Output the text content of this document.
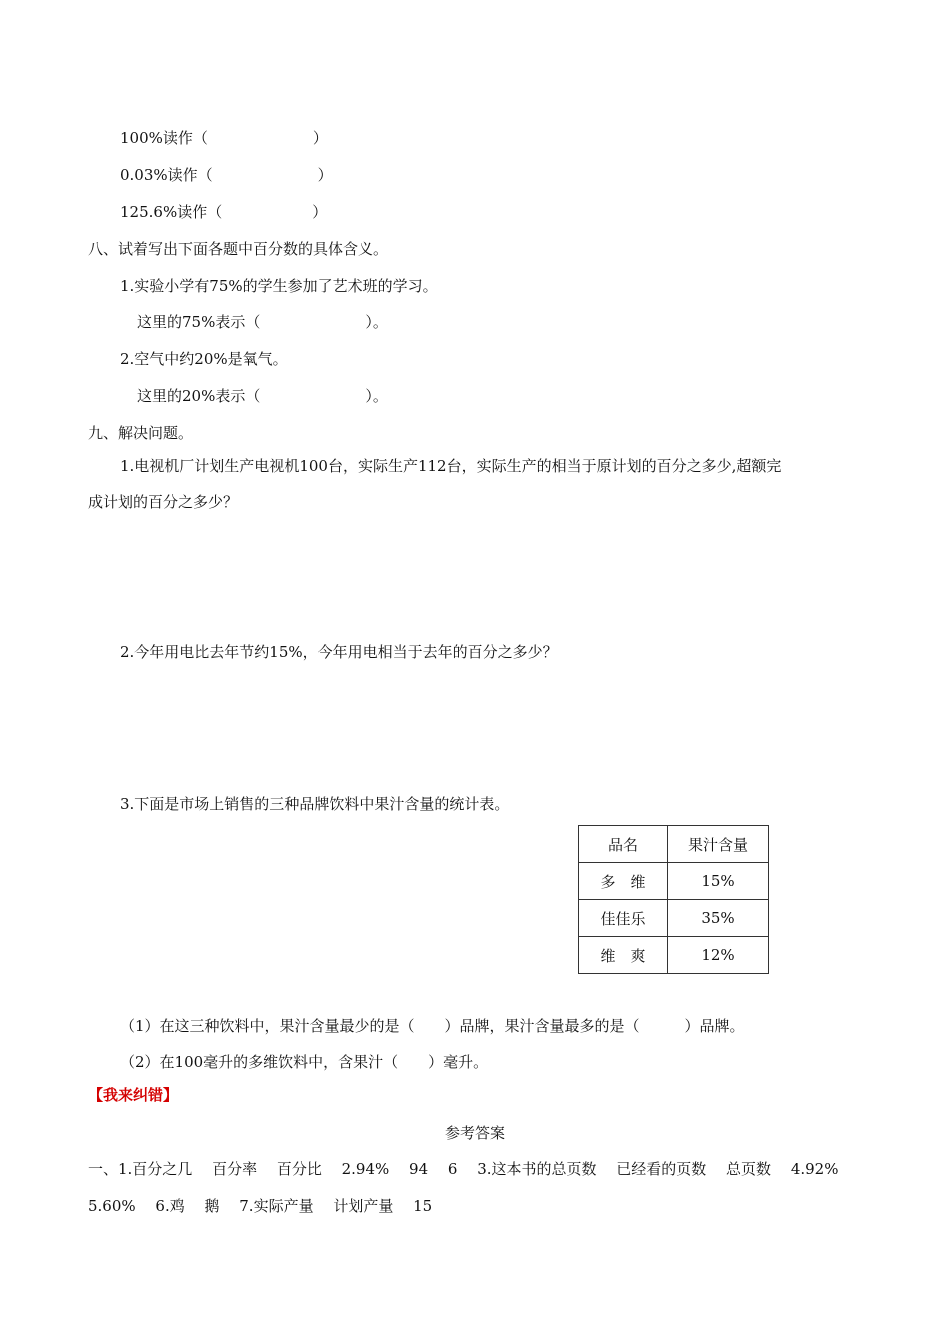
100%读作（　　　　　　　）
0.03%读作（　　　　　　　）
125.6%读作（　　　　　　）
八、试着写出下面各题中百分数的具体含义。
1.实验小学有75%的学生参加了艺术班的学习。
这里的75%表示（　　　　　　　）。
2.空气中约20%是氧气。
这里的20%表示（　　　　　　　）。
九、解决问题。
1.电视机厂计划生产电视机100台，实际生产112台，实际生产的相当于原计划的百分之多少,超额完
成计划的百分之多少？
2.今年用电比去年节约15%，今年用电相当于去年的百分之多少？
3.下面是市场上销售的三种品牌饮料中果汁含量的统计表。
品名	果汁含量
多　维	15%
佳佳乐	35%
维　爽	12%
（1）在这三种饮料中，果汁含量最少的是（　　）品牌，果汁含量最多的是（　　　）品牌。
（2）在100毫升的多维饮料中，含果汁（　　）毫升。
【我来纠错】
参考答案
一、1.百分之几　 百分率　 百分比　 2.94%　 94　 6　 3.这本书的总页数　 已经看的页数　 总页数　 4.92%
5.60%　 6.鸡　 鹅　 7.实际产量　 计划产量　 15
